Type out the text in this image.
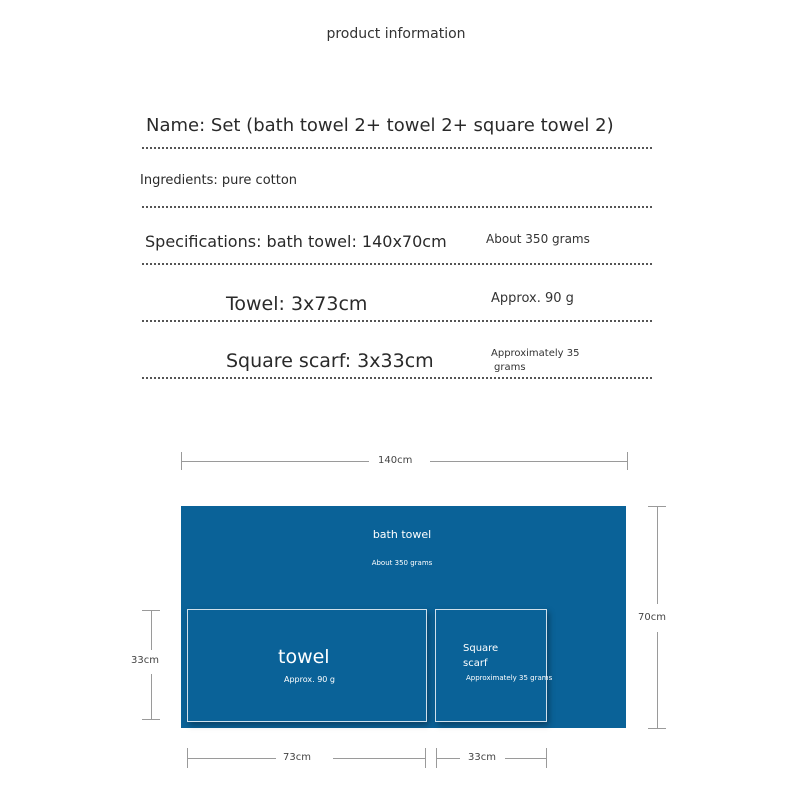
product information
Name: Set (bath towel 2+ towel 2+ square towel 2)
Ingredients: pure cotton
Specifications: bath towel: 140x70cm	About 350 grams
Towel: 3x73cm	Approx. 90 g
Square scarf: 3x33cm	Approximately 35
grams
140cm
70cm
33cm
bath towel
About 350 grams
towel
Approx. 90 g
Square
scarf
Approximately 35 grams
73cm	33cm
